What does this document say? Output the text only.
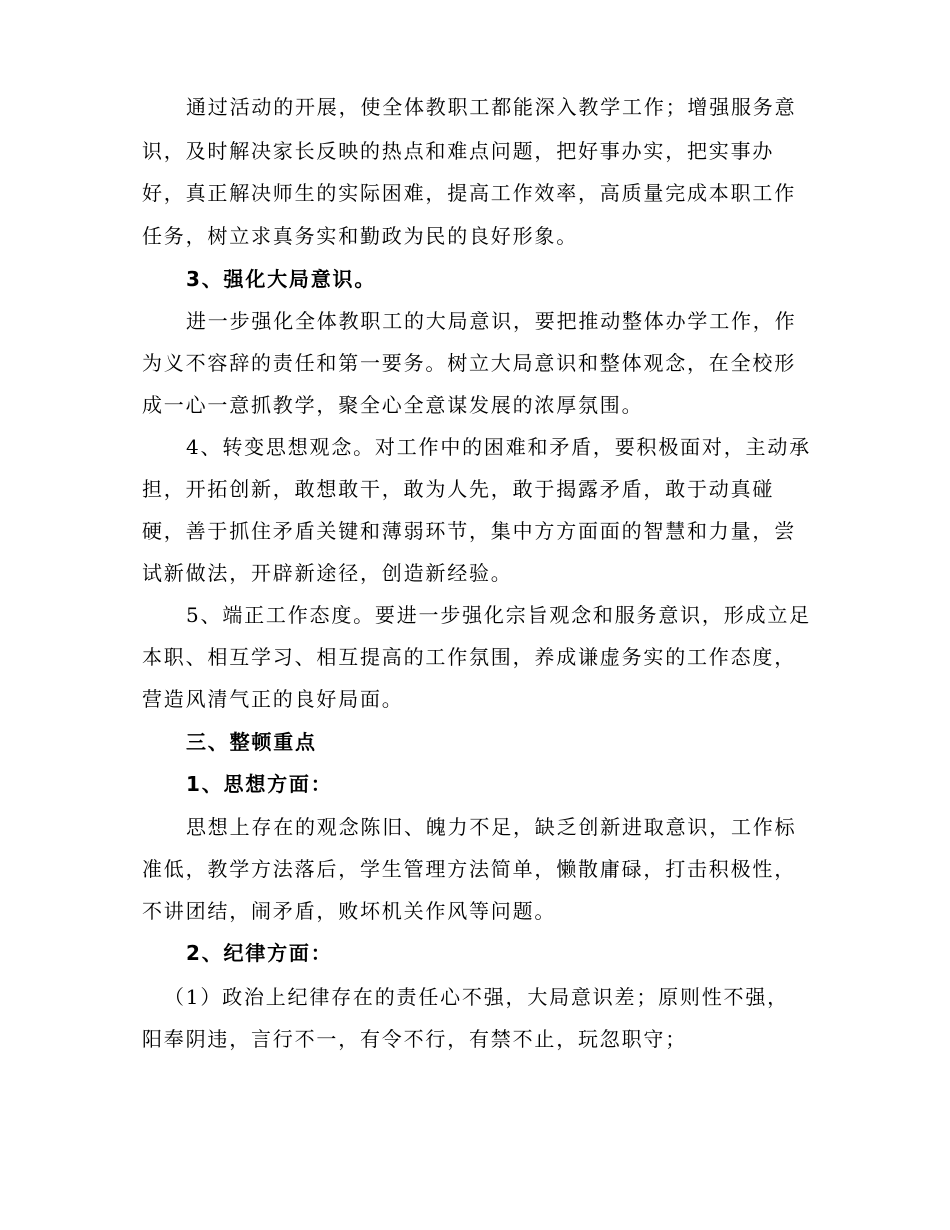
通过活动的开展，使全体教职工都能深入教学工作；增强服务意
识，及时解决家长反映的热点和难点问题，把好事办实，把实事办
好，真正解决师生的实际困难，提高工作效率，高质量完成本职工作
任务，树立求真务实和勤政为民的良好形象。
3、强化大局意识。
进一步强化全体教职工的大局意识，要把推动整体办学工作，作
为义不容辞的责任和第一要务。树立大局意识和整体观念，在全校形
成一心一意抓教学，聚全心全意谋发展的浓厚氛围。
4、转变思想观念。对工作中的困难和矛盾，要积极面对，主动承
担，开拓创新，敢想敢干，敢为人先，敢于揭露矛盾，敢于动真碰
硬，善于抓住矛盾关键和薄弱环节，集中方方面面的智慧和力量，尝
试新做法，开辟新途径，创造新经验。
5、端正工作态度。要进一步强化宗旨观念和服务意识，形成立足
本职、相互学习、相互提高的工作氛围，养成谦虚务实的工作态度，
营造风清气正的良好局面。
三、整顿重点
1、思想方面：
思想上存在的观念陈旧、魄力不足，缺乏创新进取意识，工作标
准低，教学方法落后，学生管理方法简单，懒散庸碌，打击积极性，
不讲团结，闹矛盾，败坏机关作风等问题。
2、纪律方面：
（1）政治上纪律存在的责任心不强，大局意识差；原则性不强，
阳奉阴违，言行不一，有令不行，有禁不止，玩忽职守；
